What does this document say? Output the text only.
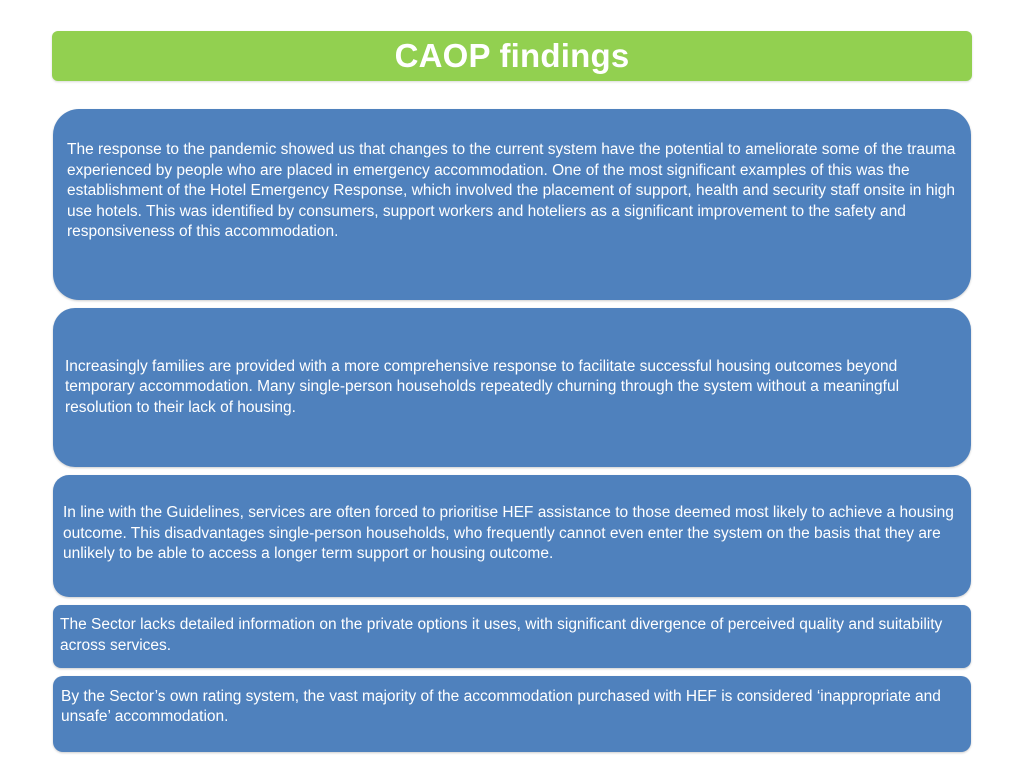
CAOP findings
The response to the pandemic showed us that changes to the current system have the potential to ameliorate some of the trauma experienced by people who are placed in emergency accommodation. One of the most significant examples of this was the establishment of the Hotel Emergency Response, which involved the placement of support, health and security staff onsite in high use hotels. This was identified by consumers, support workers and hoteliers as a significant improvement to the safety and responsiveness of this accommodation.
Increasingly families are provided with a more comprehensive response to facilitate successful housing outcomes beyond temporary accommodation. Many single-person households repeatedly churning through the system without a meaningful resolution to their lack of housing.
In line with the Guidelines, services are often forced to prioritise HEF assistance to those deemed most likely to achieve a housing outcome. This disadvantages single-person households, who frequently cannot even enter the system on the basis that they are unlikely to be able to access a longer term support or housing outcome.
The Sector lacks detailed information on the private options it uses, with significant divergence of perceived quality and suitability across services.
By the Sector’s own rating system, the vast majority of the accommodation purchased with HEF is considered ‘inappropriate and unsafe’ accommodation.
